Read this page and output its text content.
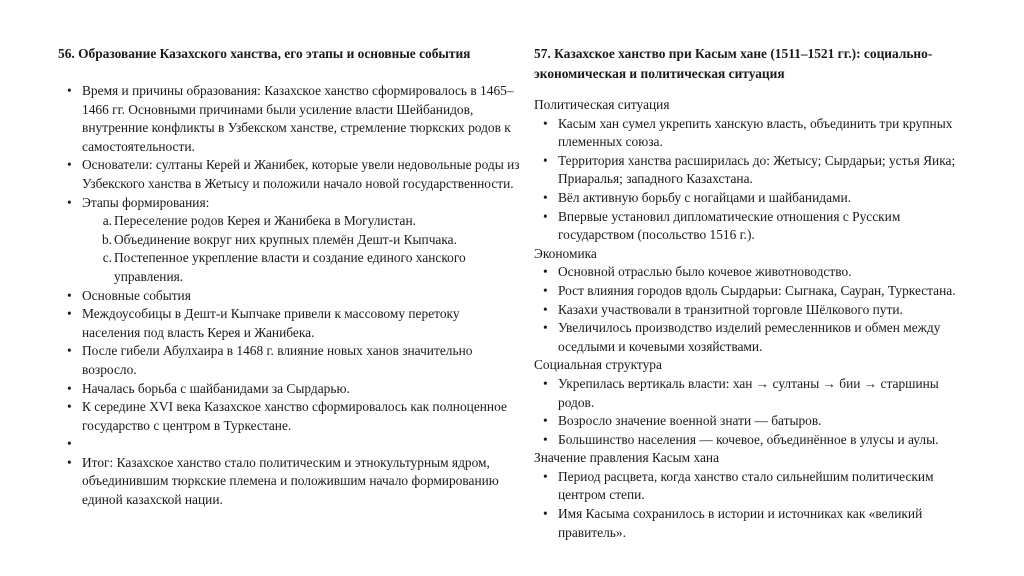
56. Образование Казахского ханства, его этапы и основные события
• Время и причины образования: Казахское ханство сформировалось в 1465–1466 гг. Основными причинами были усиление власти Шейбанидов, внутренние конфликты в Узбекском ханстве, стремление тюркских родов к самостоятельности.
• Основатели: султаны Керей и Жанибек, которые увели недовольные роды из Узбекского ханства в Жетысу и положили начало новой государственности.
• Этапы формирования:
a. Переселение родов Керея и Жанибека в Могулистан.
b. Объединение вокруг них крупных племён Дешт-и Кыпчака.
c. Постепенное укрепление власти и создание единого ханского управления.
• Основные события
• Междоусобицы в Дешт-и Кыпчаке привели к массовому перетоку населения под власть Керея и Жанибека.
• После гибели Абулхаира в 1468 г. влияние новых ханов значительно возросло.
• Началась борьба с шайбанидами за Сырдарью.
• К середине XVI века Казахское ханство сформировалось как полноценное государство с центром в Туркестане.
•
• Итог: Казахское ханство стало политическим и этнокультурным ядром, объединившим тюркские племена и положившим начало формированию единой казахской нации.
57. Казахское ханство при Касым хане (1511–1521 гг.): социально-экономическая и политическая ситуация
Политическая ситуация
• Касым хан сумел укрепить ханскую власть, объединить три крупных племенных союза.
• Территория ханства расширилась до: Жетысу; Сырдарьи; устья Яика; Приаралья; западного Казахстана.
• Вёл активную борьбу с ногайцами и шайбанидами.
• Впервые установил дипломатические отношения с Русским государством (посольство 1516 г.).
Экономика
• Основной отраслью было кочевое животноводство.
• Рост влияния городов вдоль Сырдарьи: Сыгнака, Сауран, Туркестана.
• Казахи участвовали в транзитной торговле Шёлкового пути.
• Увеличилось производство изделий ремесленников и обмен между оседлыми и кочевыми хозяйствами.
Социальная структура
• Укрепилась вертикаль власти: хан → султаны → бии → старшины родов.
• Возросло значение военной знати — батыров.
• Большинство населения — кочевое, объединённое в улусы и аулы.
Значение правления Касым хана
• Период расцвета, когда ханство стало сильнейшим политическим центром степи.
• Имя Касыма сохранилось в истории и источниках как «великий правитель».
